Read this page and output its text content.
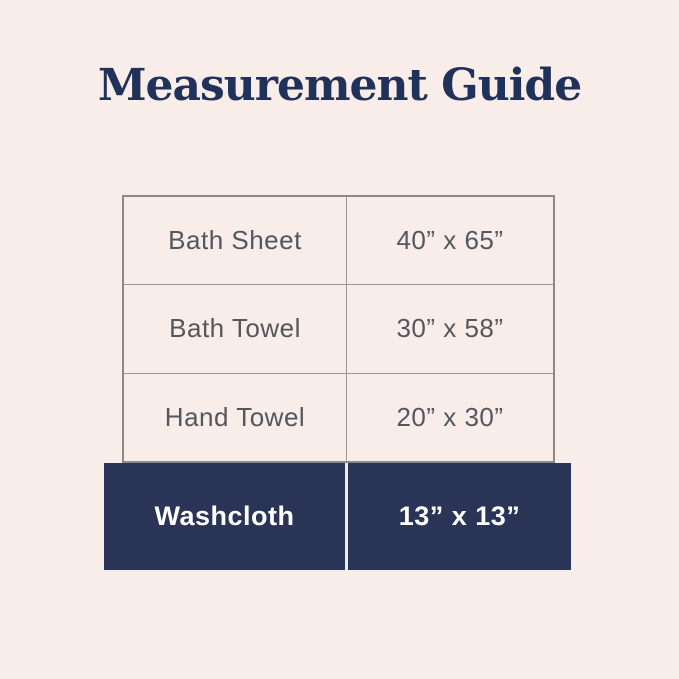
Measurement Guide
Bath Sheet	40” x 65”
Bath Towel	30” x 58”
Hand Towel	20” x 30”
Washcloth	13” x 13”
